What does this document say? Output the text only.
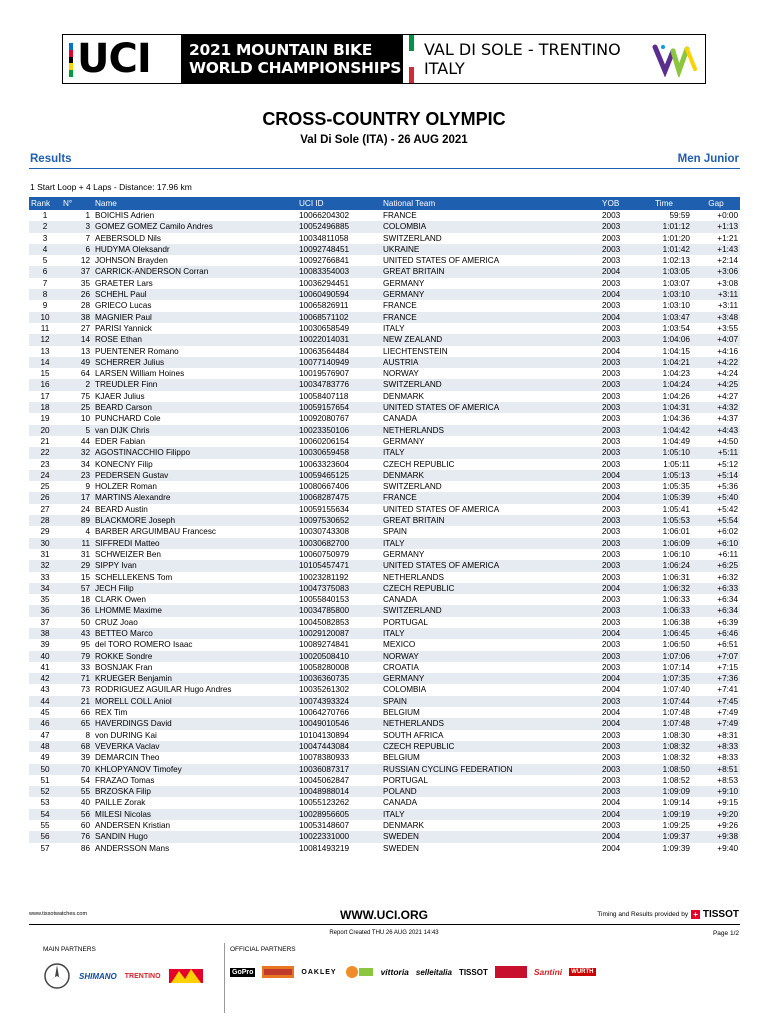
UCI 2021 MOUNTAIN BIKE
WORLD CHAMPIONSHIPS
VAL DI SOLE - TRENTINO
ITALY
CROSS-COUNTRY OLYMPIC
Val Di Sole (ITA) - 26 AUG 2021
Results	Men Junior
1 Start Loop + 4 Laps - Distance: 17.96 km
Rank	N°	Name	UCI ID	National Team	YOB	Time	Gap
1	1	BOICHIS Adrien	10066204302	FRANCE	2003	59:59	+0:00
2	3	GOMEZ GOMEZ Camilo Andres	10052496885	COLOMBIA	2003	1:01:12	+1:13
3	7	AEBERSOLD Nils	10034811058	SWITZERLAND	2003	1:01:20	+1:21
4	6	HUDYMA Oleksandr	10092748451	UKRAINE	2003	1:01:42	+1:43
5	12	JOHNSON Brayden	10092766841	UNITED STATES OF AMERICA	2003	1:02:13	+2:14
6	37	CARRICK-ANDERSON Corran	10083354003	GREAT BRITAIN	2004	1:03:05	+3:06
7	35	GRAETER Lars	10036294451	GERMANY	2003	1:03:07	+3:08
8	26	SCHEHL Paul	10060490594	GERMANY	2004	1:03:10	+3:11
9	28	GRIECO Lucas	10065826911	FRANCE	2003	1:03:10	+3:11
10	38	MAGNIER Paul	10068571102	FRANCE	2004	1:03:47	+3:48
11	27	PARISI Yannick	10030658549	ITALY	2003	1:03:54	+3:55
12	14	ROSE Ethan	10022014031	NEW ZEALAND	2003	1:04:06	+4:07
13	13	PUENTENER Romano	10063564484	LIECHTENSTEIN	2004	1:04:15	+4:16
14	49	SCHERRER Julius	10077140949	AUSTRIA	2003	1:04:21	+4:22
15	64	LARSEN William Hoines	10019576907	NORWAY	2003	1:04:23	+4:24
16	2	TREUDLER Finn	10034783776	SWITZERLAND	2003	1:04:24	+4:25
17	75	KJAER Julius	10058407118	DENMARK	2003	1:04:26	+4:27
18	25	BEARD Carson	10059157654	UNITED STATES OF AMERICA	2003	1:04:31	+4:32
19	10	PUNCHARD Cole	10092080767	CANADA	2003	1:04:36	+4:37
20	5	van DIJK Chris	10023350106	NETHERLANDS	2003	1:04:42	+4:43
21	44	EDER Fabian	10060206154	GERMANY	2003	1:04:49	+4:50
22	32	AGOSTINACCHIO Filippo	10030659458	ITALY	2003	1:05:10	+5:11
23	34	KONECNY Filip	10063323604	CZECH REPUBLIC	2003	1:05:11	+5:12
24	23	PEDERSEN Gustav	10059465125	DENMARK	2004	1:05:13	+5:14
25	9	HOLZER Roman	10080667406	SWITZERLAND	2003	1:05:35	+5:36
26	17	MARTINS Alexandre	10068287475	FRANCE	2004	1:05:39	+5:40
27	24	BEARD Austin	10059155634	UNITED STATES OF AMERICA	2003	1:05:41	+5:42
28	89	BLACKMORE Joseph	10097530652	GREAT BRITAIN	2003	1:05:53	+5:54
29	4	BARBER ARGUIMBAU Francesc	10030743308	SPAIN	2003	1:06:01	+6:02
30	11	SIFFREDI Matteo	10030682700	ITALY	2003	1:06:09	+6:10
31	31	SCHWEIZER Ben	10060750979	GERMANY	2003	1:06:10	+6:11
32	29	SIPPY Ivan	10105457471	UNITED STATES OF AMERICA	2003	1:06:24	+6:25
33	15	SCHELLEKENS Tom	10023281192	NETHERLANDS	2003	1:06:31	+6:32
34	57	JECH Filip	10047375083	CZECH REPUBLIC	2004	1:06:32	+6:33
35	18	CLARK Owen	10055840153	CANADA	2003	1:06:33	+6:34
36	36	LHOMME Maxime	10034785800	SWITZERLAND	2003	1:06:33	+6:34
37	50	CRUZ Joao	10045082853	PORTUGAL	2003	1:06:38	+6:39
38	43	BETTEO Marco	10029120087	ITALY	2004	1:06:45	+6:46
39	95	del TORO ROMERO Isaac	10089274841	MEXICO	2003	1:06:50	+6:51
40	79	ROKKE Sondre	10020508410	NORWAY	2003	1:07:06	+7:07
41	33	BOSNJAK Fran	10058280008	CROATIA	2003	1:07:14	+7:15
42	71	KRUEGER Benjamin	10036360735	GERMANY	2004	1:07:35	+7:36
43	73	RODRIGUEZ AGUILAR Hugo Andres	10035261302	COLOMBIA	2004	1:07:40	+7:41
44	21	MORELL COLL Aniol	10074393324	SPAIN	2003	1:07:44	+7:45
45	66	REX Tim	10064270766	BELGIUM	2004	1:07:48	+7:49
46	65	HAVERDINGS David	10049010546	NETHERLANDS	2004	1:07:48	+7:49
47	8	von DURING Kai	10104130894	SOUTH AFRICA	2003	1:08:30	+8:31
48	68	VEVERKA Vaclav	10047443084	CZECH REPUBLIC	2003	1:08:32	+8:33
49	39	DEMARCIN Theo	10078380933	BELGIUM	2003	1:08:32	+8:33
50	70	KHLOPYANOV Timofey	10036087317	RUSSIAN CYCLING FEDERATION	2003	1:08:50	+8:51
51	54	FRAZAO Tomas	10045062847	PORTUGAL	2003	1:08:52	+8:53
52	55	BRZOSKA Filip	10048988014	POLAND	2003	1:09:09	+9:10
53	40	PAILLE Zorak	10055123262	CANADA	2004	1:09:14	+9:15
54	56	MILESI Nicolas	10028956605	ITALY	2004	1:09:19	+9:20
55	60	ANDERSEN Kristian	10053148607	DENMARK	2003	1:09:25	+9:26
56	76	SANDIN Hugo	10022331000	SWEDEN	2004	1:09:37	+9:38
57	86	ANDERSSON Mans	10081493219	SWEDEN	2004	1:09:39	+9:40
www.tissotwatches.com	WWW.UCI.ORG	Timing and Results provided by + TISSOT
Report Created THU 26 AUG 2021 14:43	Page 1/2
MAIN PARTNERS	OFFICIAL PARTNERS
SHIMANO TRENTINO
GoPro	OAKLEY	vittoria selleitalia TISSOT	Santini	WÜRTH
